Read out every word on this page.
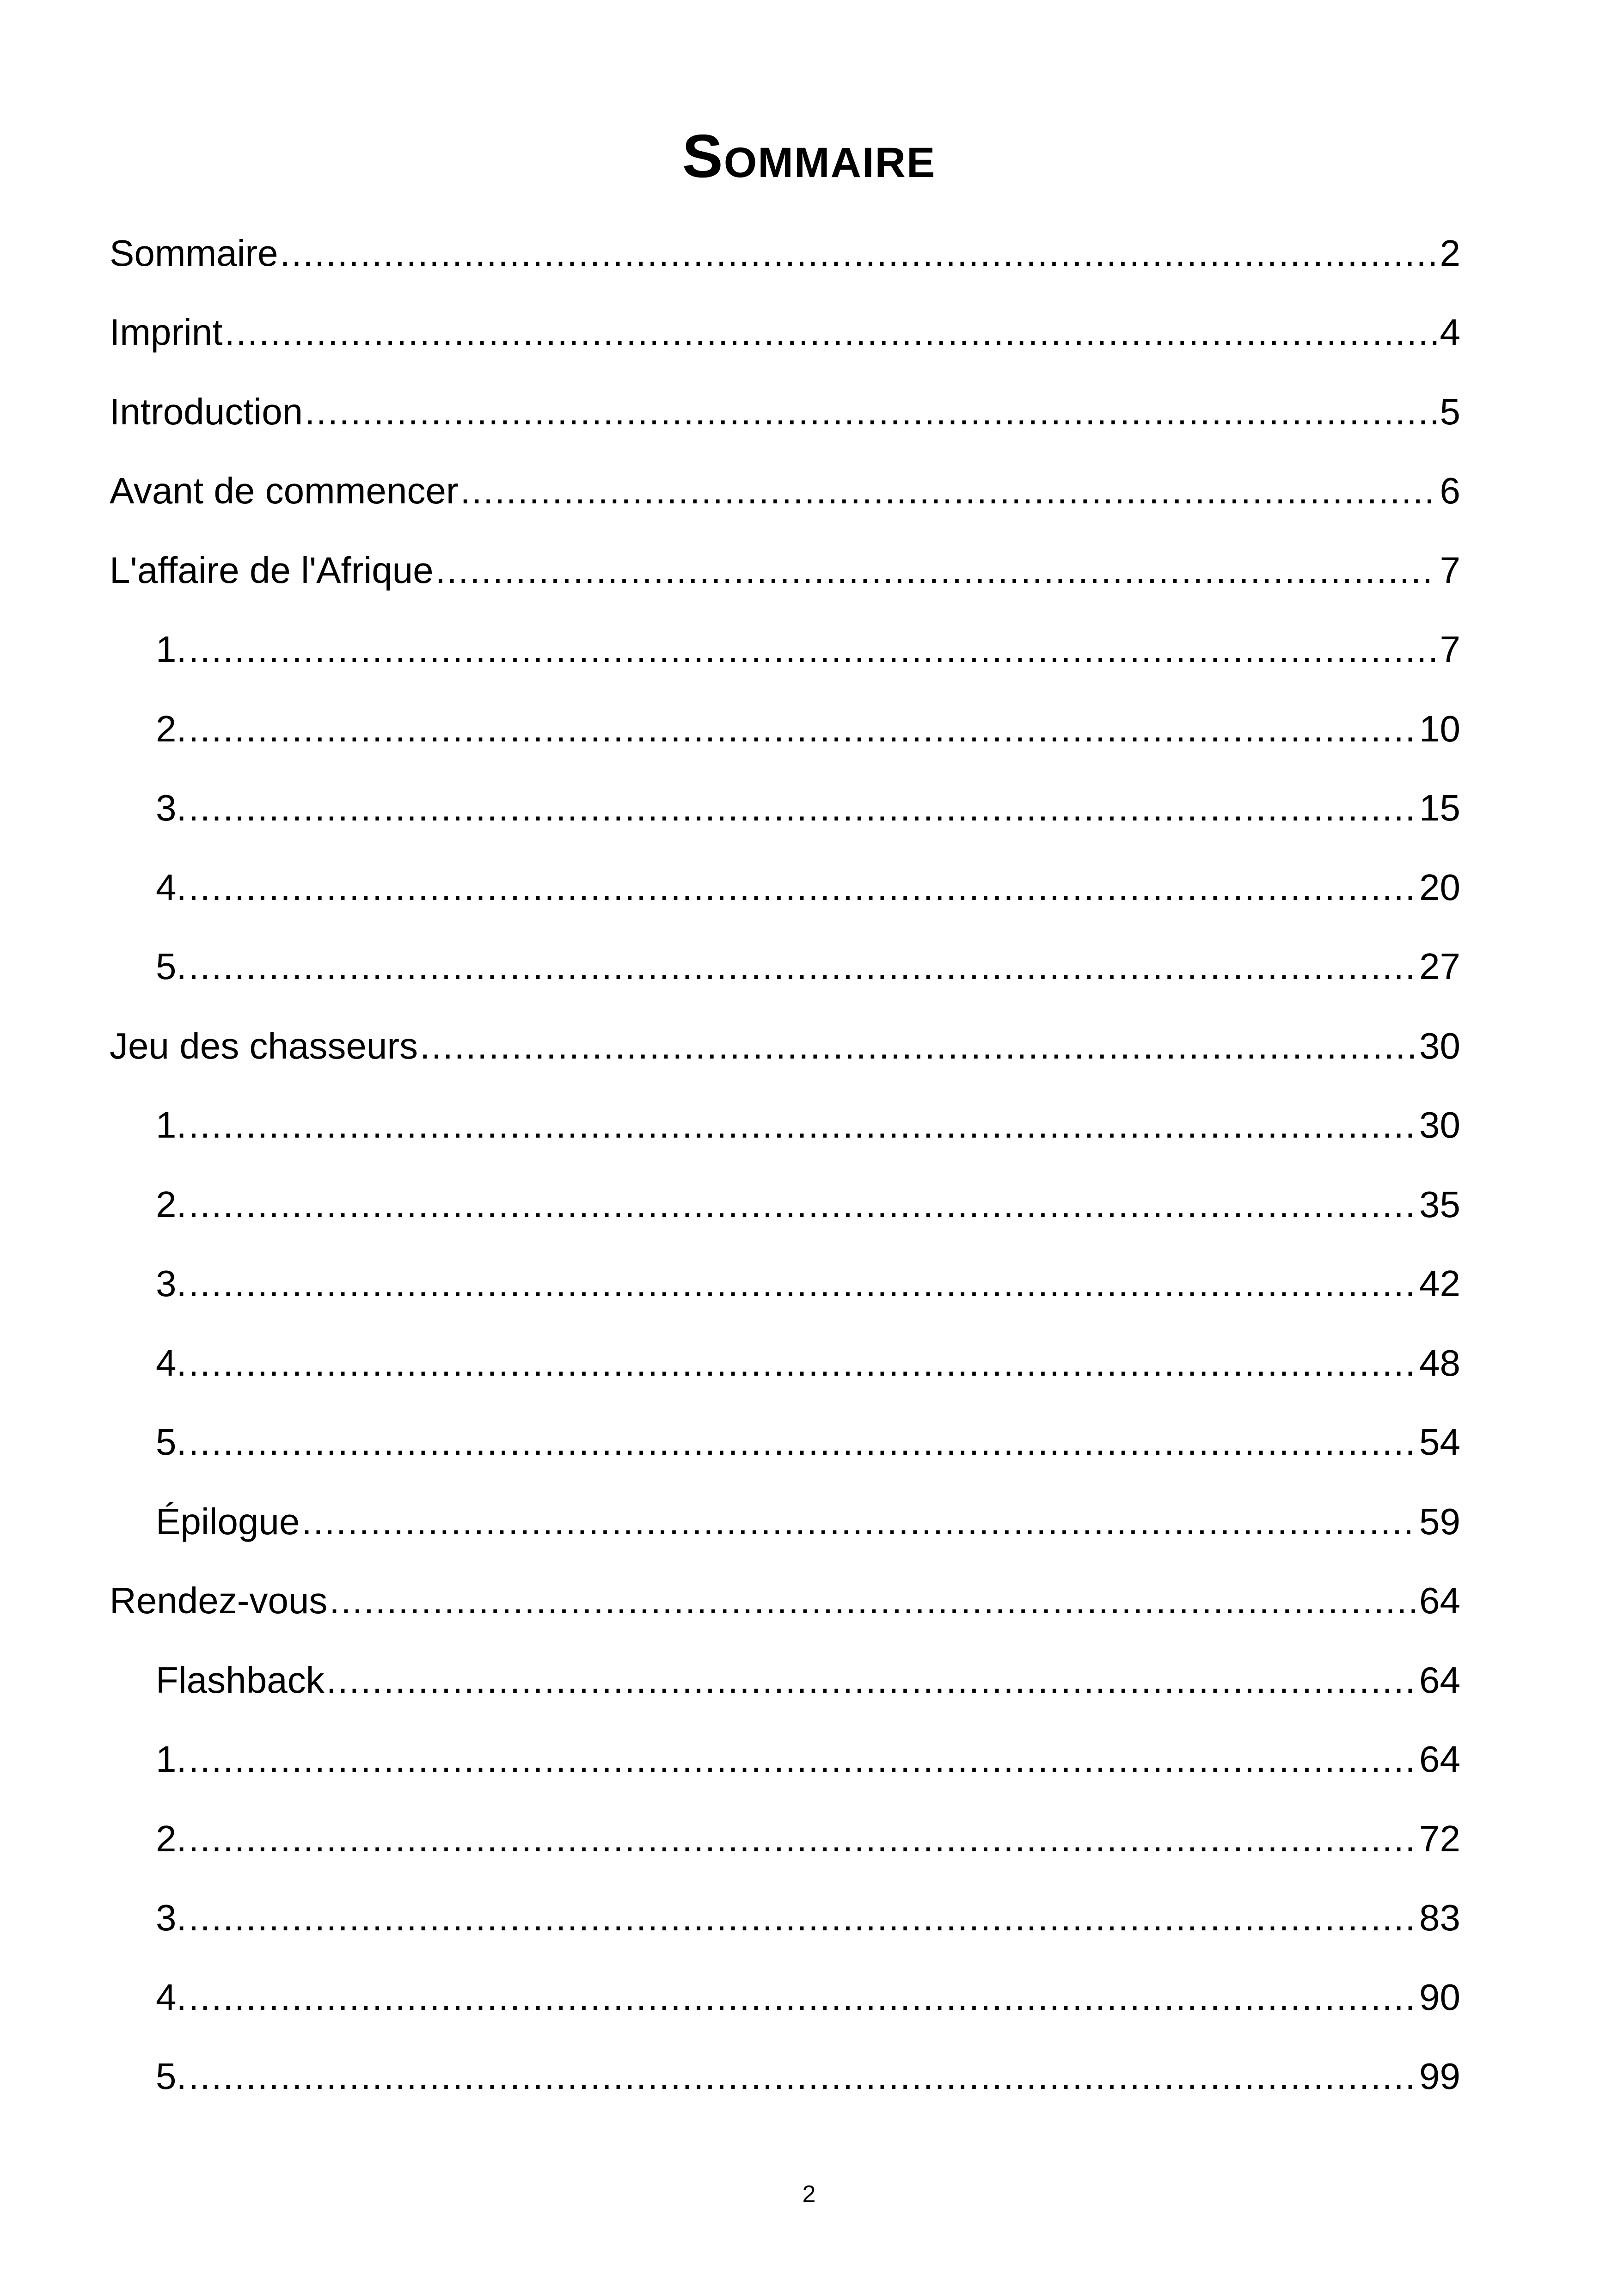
Sommaire
Sommaire .....	2
Imprint .....	4
Introduction .....	5
Avant de commencer .....	6
L'affaire de l'Afrique .....	7
1. .....	7
2. .....	10
3. .....	15
4. .....	20
5. .....	27
Jeu des chasseurs .....	30
1. .....	30
2. .....	35
3. .....	42
4. .....	48
5. .....	54
Épilogue .....	59
Rendez-vous .....	64
Flashback .....	64
1. .....	64
2. .....	72
3. .....	83
4. .....	90
5. .....	99
2
